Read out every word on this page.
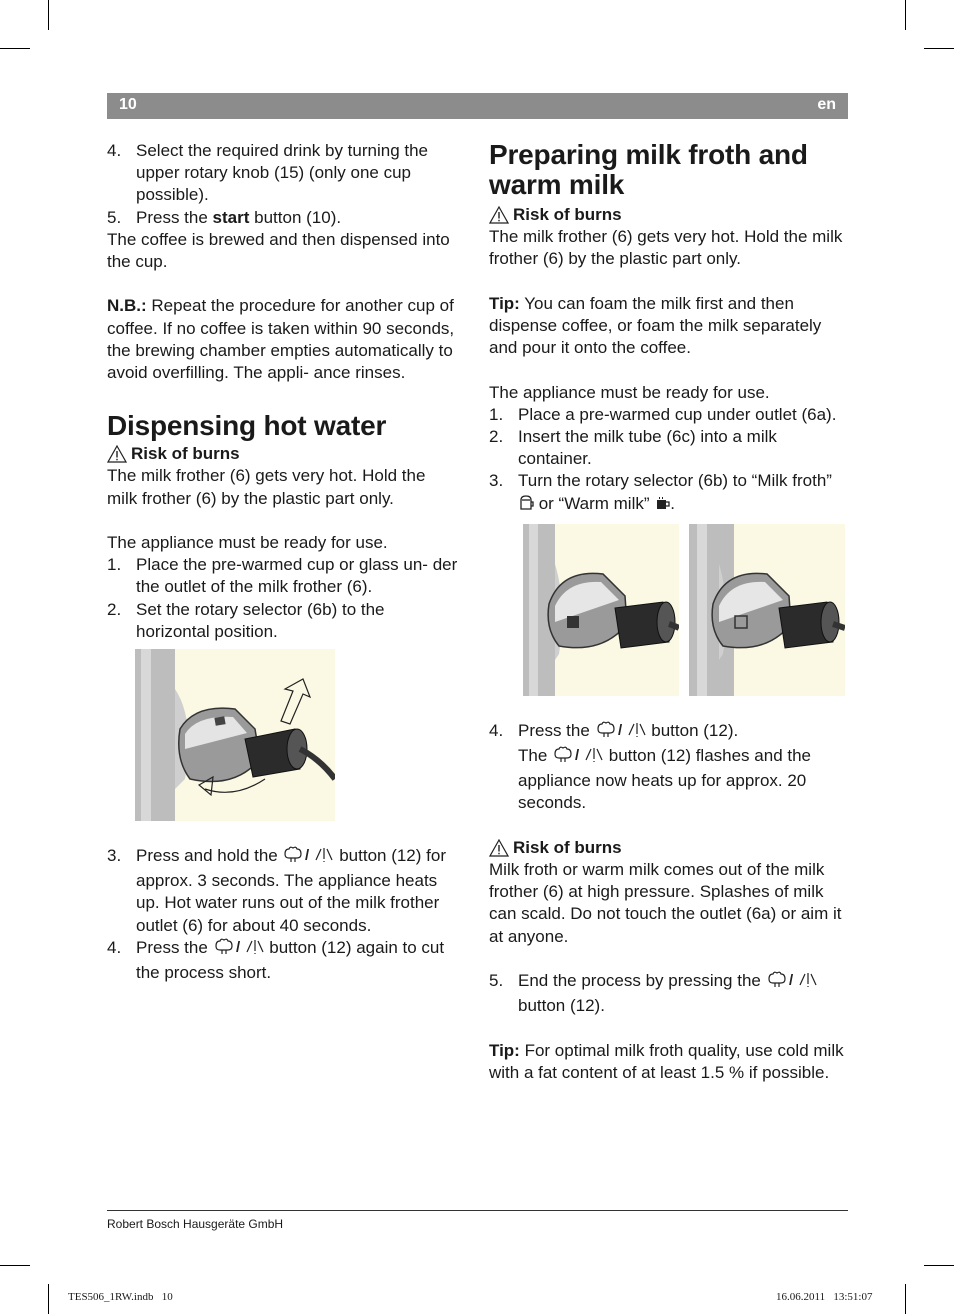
10	en
4. Select the required drink by turning the upper rotary knob (15) (only one cup possible).
5. Press the start button (10).

The coffee is brewed and then dispensed into the cup.

N.B.: Repeat the procedure for another cup of coffee. If no coffee is taken within 90 seconds, the brewing chamber empties automatically to avoid overfilling. The appli- ance rinses.

Dispensing hot water
Risk of burns

The milk frother (6) gets very hot. Hold the milk frother (6) by the plastic part only.

The appliance must be ready for use.

1. Place the pre-warmed cup or glass un- der the outlet of the milk frother (6).
2. Set the rotary selector (6b) to the horizontal position.
3. Press and hold the / button (12) for approx. 3 seconds. The appliance heats up. Hot water runs out of the milk frother outlet (6) for about 40 seconds.
4. Press the / button (12) again to cut the process short.
Preparing milk froth and warm milk
Risk of burns

The milk frother (6) gets very hot. Hold the milk frother (6) by the plastic part only.

Tip: You can foam the milk first and then dispense coffee, or foam the milk separately and pour it onto the coffee.

The appliance must be ready for use.

1. Place a pre-warmed cup under outlet (6a).
2. Insert the milk tube (6c) into a milk container.
3. Turn the rotary selector (6b) to “Milk froth”  or “Warm milk” .
4. Press the / button (12).
The / button (12) flashes and the appliance now heats up for approx. 20 seconds.
Risk of burns

Milk froth or warm milk comes out of the milk frother (6) at high pressure. Splashes of milk can scald. Do not touch the outlet (6a) or aim it at anyone.

5. End the process by pressing the /
button (12).

Tip: For optimal milk froth quality, use cold milk with a fat content of at least 1.5 % if possible.

Robert Bosch Hausgeräte GmbH
TES506_1RW.indb   10	16.06.2011   13:51:07
